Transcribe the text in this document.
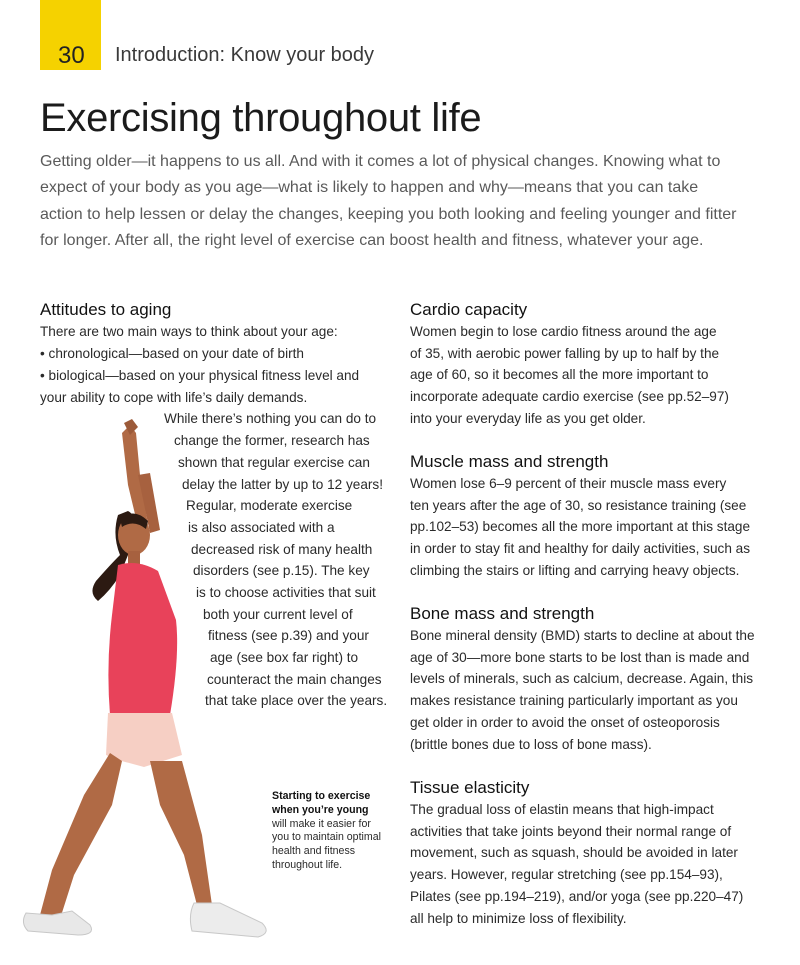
30 Introduction: Know your body
Exercising throughout life

Getting older—it happens to us all. And with it comes a lot of physical changes. Knowing what to
expect of your body as you age—what is likely to happen and why—means that you can take
action to help lessen or delay the changes, keeping you both looking and feeling younger and fitter
for longer. After all, the right level of exercise can boost health and fitness, whatever your age.

Attitudes to aging
There are two main ways to think about your age:
• chronological—based on your date of birth
• biological—based on your physical fitness level and
your ability to cope with life’s daily demands.
While there’s nothing you can do to
change the former, research has
shown that regular exercise can
delay the latter by up to 12 years!
Regular, moderate exercise
is also associated with a
decreased risk of many health
disorders (see p.15). The key
is to choose activities that suit
both your current level of
fitness (see p.39) and your
age (see box far right) to
counteract the main changes
that take place over the years.
Starting to exercise
when you’re young
will make it easier for
you to maintain optimal
health and fitness
throughout life.
Cardio capacity

Women begin to lose cardio fitness around the age
of 35, with aerobic power falling by up to half by the
age of 60, so it becomes all the more important to
incorporate adequate cardio exercise (see pp.52–97)
into your everyday life as you get older.

Muscle mass and strength

Women lose 6–9 percent of their muscle mass every
ten years after the age of 30, so resistance training (see
pp.102–53) becomes all the more important at this stage
in order to stay fit and healthy for daily activities, such as
climbing the stairs or lifting and carrying heavy objects.

Bone mass and strength

Bone mineral density (BMD) starts to decline at about the
age of 30—more bone starts to be lost than is made and
levels of minerals, such as calcium, decrease. Again, this
makes resistance training particularly important as you
get older in order to avoid the onset of osteoporosis
(brittle bones due to loss of bone mass).

Tissue elasticity

The gradual loss of elastin means that high-impact
activities that take joints beyond their normal range of
movement, such as squash, should be avoided in later
years. However, regular stretching (see pp.154–93),
Pilates (see pp.194–219), and/or yoga (see pp.220–47)
all help to minimize loss of flexibility.
